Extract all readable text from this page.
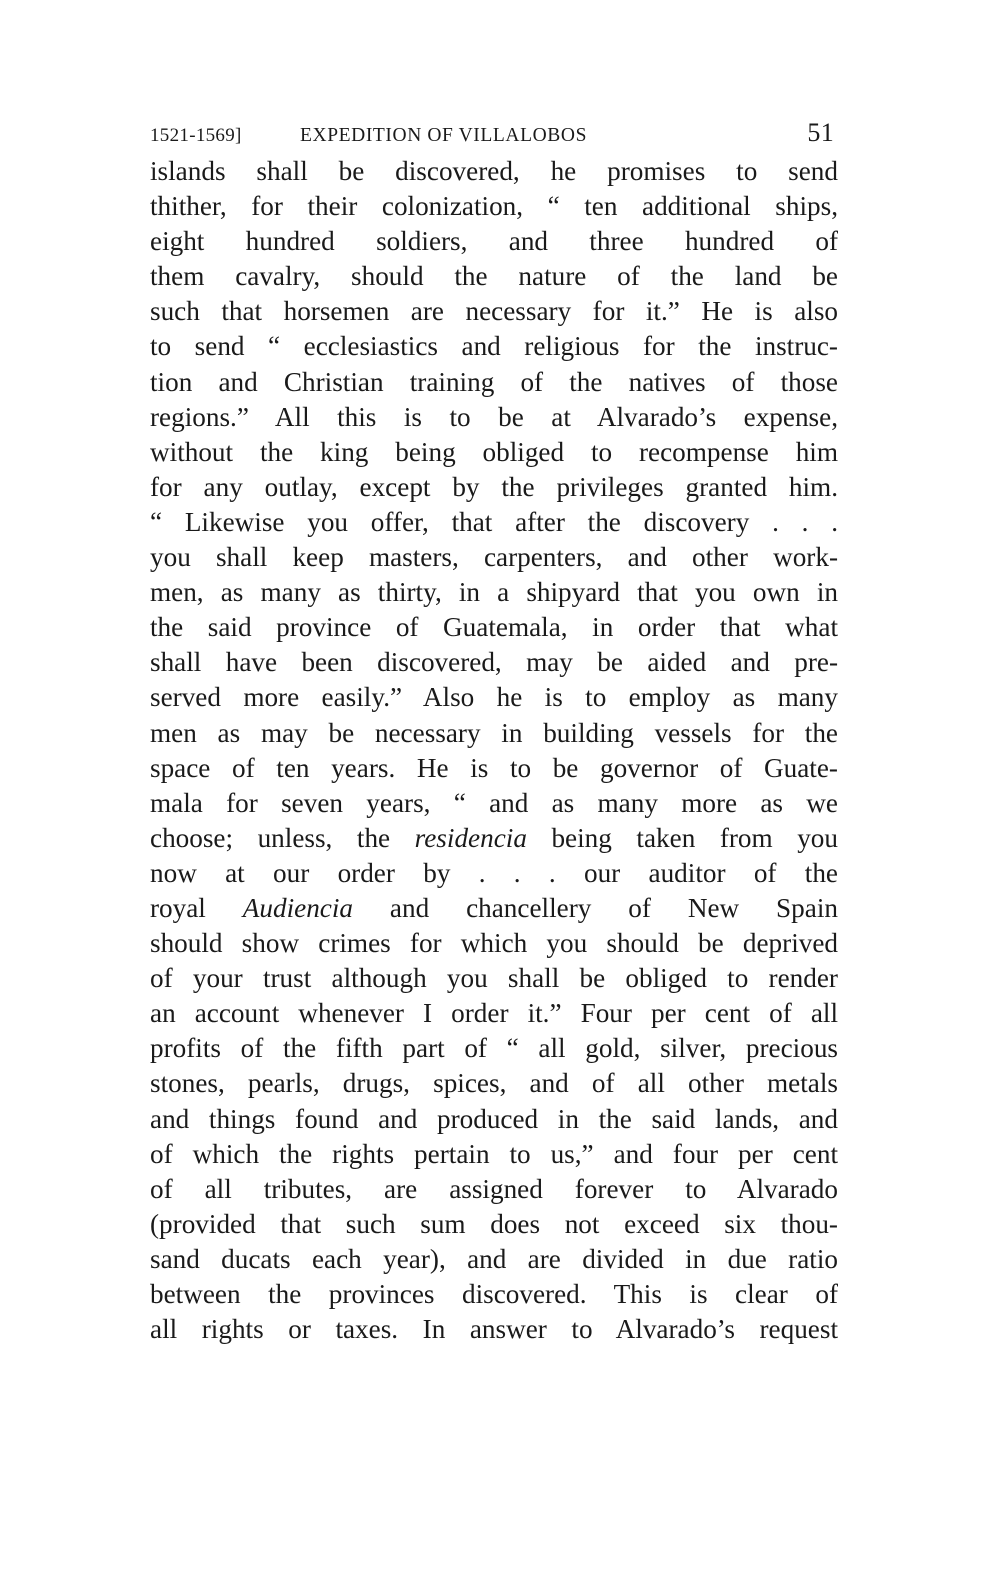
1521-1569]	EXPEDITION OF VILLALOBOS	51
islands shall be discovered, he promises to send
thither, for their colonization, “ ten additional ships,
eight hundred soldiers, and three hundred of
them cavalry, should the nature of the land be
such that horsemen are necessary for it.” He is also
to send “ ecclesiastics and religious for the instruc-
tion and Christian training of the natives of those
regions.” All this is to be at Alvarado’s expense,
without the king being obliged to recompense him
for any outlay, except by the privileges granted him.
“ Likewise you offer, that after the discovery . . .
you shall keep masters, carpenters, and other work-
men, as many as thirty, in a shipyard that you own in
the said province of Guatemala, in order that what
shall have been discovered, may be aided and pre-
served more easily.” Also he is to employ as many
men as may be necessary in building vessels for the
space of ten years. He is to be governor of Guate-
mala for seven years, “ and as many more as we
choose; unless, the residencia being taken from you
now at our order by . . . our auditor of the
royal Audiencia and chancellery of New Spain
should show crimes for which you should be deprived
of your trust although you shall be obliged to render
an account whenever I order it.” Four per cent of all
profits of the fifth part of “ all gold, silver, precious
stones, pearls, drugs, spices, and of all other metals
and things found and produced in the said lands, and
of which the rights pertain to us,” and four per cent
of all tributes, are assigned forever to Alvarado
(provided that such sum does not exceed six thou-
sand ducats each year), and are divided in due ratio
between the provinces discovered. This is clear of
all rights or taxes. In answer to Alvarado’s request
